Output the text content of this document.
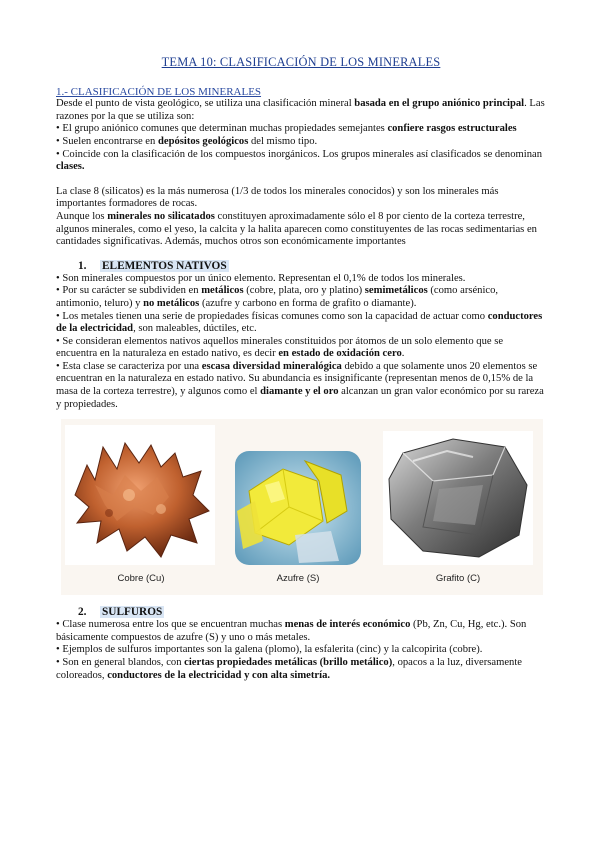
TEMA 10: CLASIFICACIÓN DE LOS MINERALES
1.- CLASIFICACIÓN DE LOS MINERALES

Desde el punto de vista geológico, se utiliza una clasificación mineral basada en el grupo aniónico principal. Las razones por la que se utiliza son:

• El grupo aniónico comunes que determinan muchas propiedades semejantes confiere rasgos estructurales

• Suelen encontrarse en depósitos geológicos del mismo tipo.

• Coincide con la clasificación de los compuestos inorgánicos. Los grupos minerales así clasificados se denominan clases.

La clase 8 (silicatos) es la más numerosa (1/3 de todos los minerales conocidos) y son los minerales más importantes formadores de rocas.

Aunque los minerales no silicatados constituyen aproximadamente sólo el 8 por ciento de la corteza terrestre, algunos minerales, como el yeso, la calcita y la halita aparecen como constituyentes de las rocas sedimentarias en cantidades significativas. Además, muchos otros son económicamente importantes

1. ELEMENTOS NATIVOS

• Son minerales compuestos por un único elemento. Representan el 0,1% de todos los minerales.

• Por su carácter se subdividen en metálicos (cobre, plata, oro y platino) semimetálicos (como arsénico, antimonio, teluro) y no metálicos (azufre y carbono en forma de grafito o diamante).

• Los metales tienen una serie de propiedades físicas comunes como son la capacidad de actuar como conductores de la electricidad, son maleables, dúctiles, etc.

• Se consideran elementos nativos aquellos minerales constituidos por átomos de un solo elemento que se encuentra en la naturaleza en estado nativo, es decir en estado de oxidación cero.

• Esta clase se caracteriza por una escasa diversidad mineralógica debido a que solamente unos 20 elementos se encuentran en la naturaleza en estado nativo. Su abundancia es insignificante (representan menos de 0,15% de la masa de la corteza terrestre), y algunos como el diamante y el oro alcanzan un gran valor económico por su rareza y propiedades.

Cobre (Cu)	Azufre (S)	Grafito (C)
2. SULFUROS

• Clase numerosa entre los que se encuentran muchas menas de interés económico (Pb, Zn, Cu, Hg, etc.). Son básicamente compuestos de azufre (S) y uno o más metales.

• Ejemplos de sulfuros importantes son la galena (plomo), la esfalerita (cinc) y la calcopirita (cobre).

• Son en general blandos, con ciertas propiedades metálicas (brillo metálico), opacos a la luz, diversamente coloreados, conductores de la electricidad y con alta simetría.
